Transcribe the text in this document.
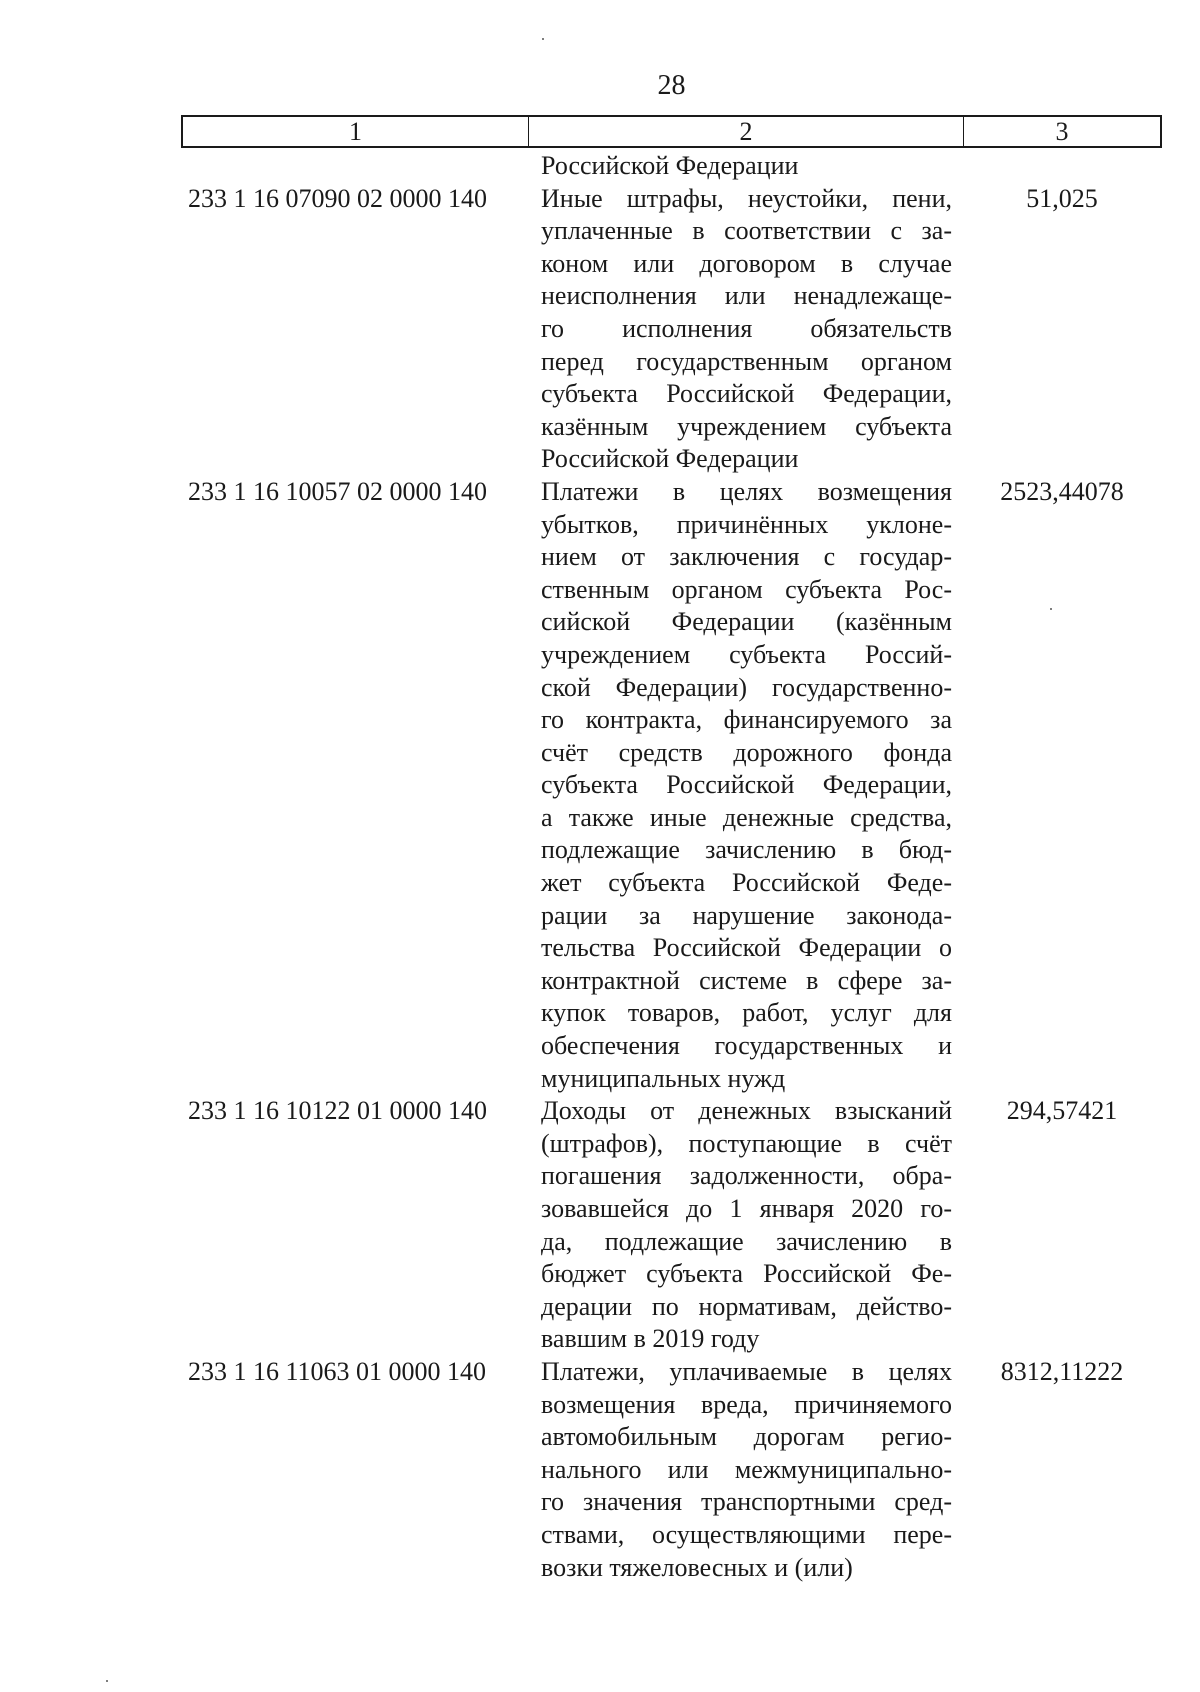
28
1	2	3
Российской Федерации
233 1 16 07090 02 0000 140 Иные штрафы, неустойки, пени,
уплаченные в соответствии с за-
коном или договором в случае
неисполнения или ненадлежаще-
го исполнения обязательств
перед государственным органом
субъекта Российской Федерации,
казённым учреждением субъекта
Российской Федерации
51,025
233 1 16 10057 02 0000 140 Платежи в целях возмещения
убытков, причинённых уклоне-
нием от заключения с государ-
ственным органом субъекта Рос-
сийской Федерации (казённым
учреждением субъекта Россий-
ской Федерации) государственно-
го контракта, финансируемого за
счёт средств дорожного фонда
субъекта Российской Федерации,
а также иные денежные средства,
подлежащие зачислению в бюд-
жет субъекта Российской Феде-
рации за нарушение законода-
тельства Российской Федерации о
контрактной системе в сфере за-
купок товаров, работ, услуг для
обеспечения государственных и
муниципальных нужд
2523,44078
233 1 16 10122 01 0000 140 Доходы от денежных взысканий
(штрафов), поступающие в счёт
погашения задолженности, обра-
зовавшейся до 1 января 2020 го-
да, подлежащие зачислению в
бюджет субъекта Российской Фе-
дерации по нормативам, действо-
вавшим в 2019 году
294,57421
233 1 16 11063 01 0000 140 Платежи, уплачиваемые в целях
возмещения вреда, причиняемого
автомобильным дорогам регио-
нального или межмуниципально-
го значения транспортными сред-
ствами, осуществляющими пере-
возки тяжеловесных и (или)
8312,11222
